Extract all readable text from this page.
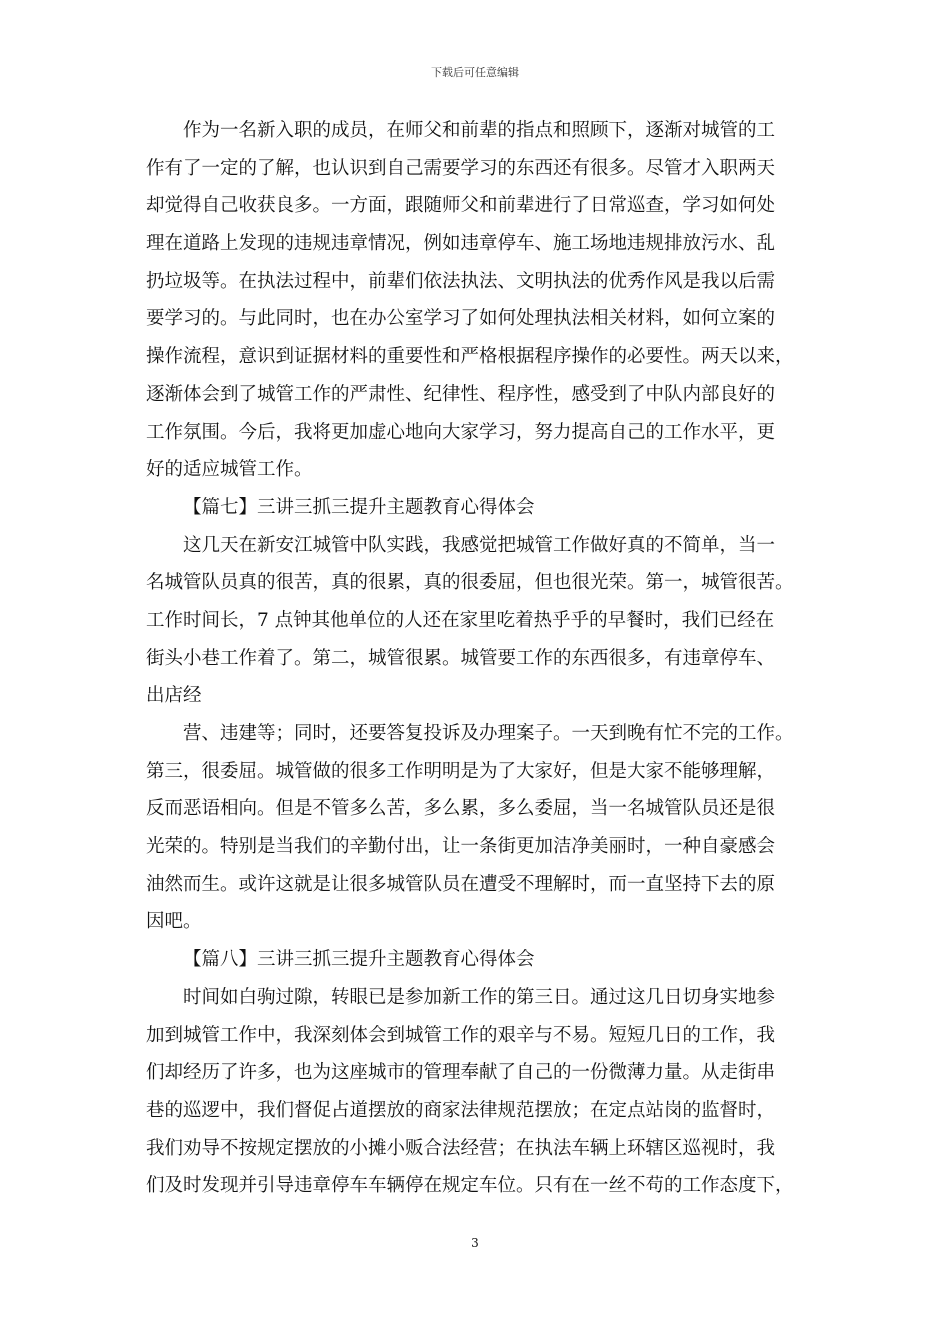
下载后可任意编辑
作为一名新入职的成员，在师父和前辈的指点和照顾下，逐渐对城管的工
作有了一定的了解，也认识到自己需要学习的东西还有很多。尽管才入职两天
却觉得自己收获良多。一方面，跟随师父和前辈进行了日常巡查，学习如何处
理在道路上发现的违规违章情况，例如违章停车、施工场地违规排放污水、乱
扔垃圾等。在执法过程中，前辈们依法执法、文明执法的优秀作风是我以后需
要学习的。与此同时，也在办公室学习了如何处理执法相关材料，如何立案的
操作流程，意识到证据材料的重要性和严格根据程序操作的必要性。两天以来，
逐渐体会到了城管工作的严肃性、纪律性、程序性，感受到了中队内部良好的
工作氛围。今后，我将更加虚心地向大家学习，努力提高自己的工作水平，更
好的适应城管工作。
【篇七】三讲三抓三提升主题教育心得体会
这几天在新安江城管中队实践，我感觉把城管工作做好真的不简单，当一
名城管队员真的很苦，真的很累，真的很委屈，但也很光荣。第一，城管很苦。
工作时间长，7 点钟其他单位的人还在家里吃着热乎乎的早餐时，我们已经在
街头小巷工作着了。第二，城管很累。城管要工作的东西很多，有违章停车、
出店经
营、违建等；同时，还要答复投诉及办理案子。一天到晚有忙不完的工作。
第三，很委屈。城管做的很多工作明明是为了大家好，但是大家不能够理解，
反而恶语相向。但是不管多么苦，多么累，多么委屈，当一名城管队员还是很
光荣的。特别是当我们的辛勤付出，让一条街更加洁净美丽时，一种自豪感会
油然而生。或许这就是让很多城管队员在遭受不理解时，而一直坚持下去的原
因吧。
【篇八】三讲三抓三提升主题教育心得体会
时间如白驹过隙，转眼已是参加新工作的第三日。通过这几日切身实地参
加到城管工作中，我深刻体会到城管工作的艰辛与不易。短短几日的工作，我
们却经历了许多，也为这座城市的管理奉献了自己的一份微薄力量。从走街串
巷的巡逻中，我们督促占道摆放的商家法律规范摆放；在定点站岗的监督时，
我们劝导不按规定摆放的小摊小贩合法经营；在执法车辆上环辖区巡视时，我
们及时发现并引导违章停车车辆停在规定车位。只有在一丝不苟的工作态度下，
3
